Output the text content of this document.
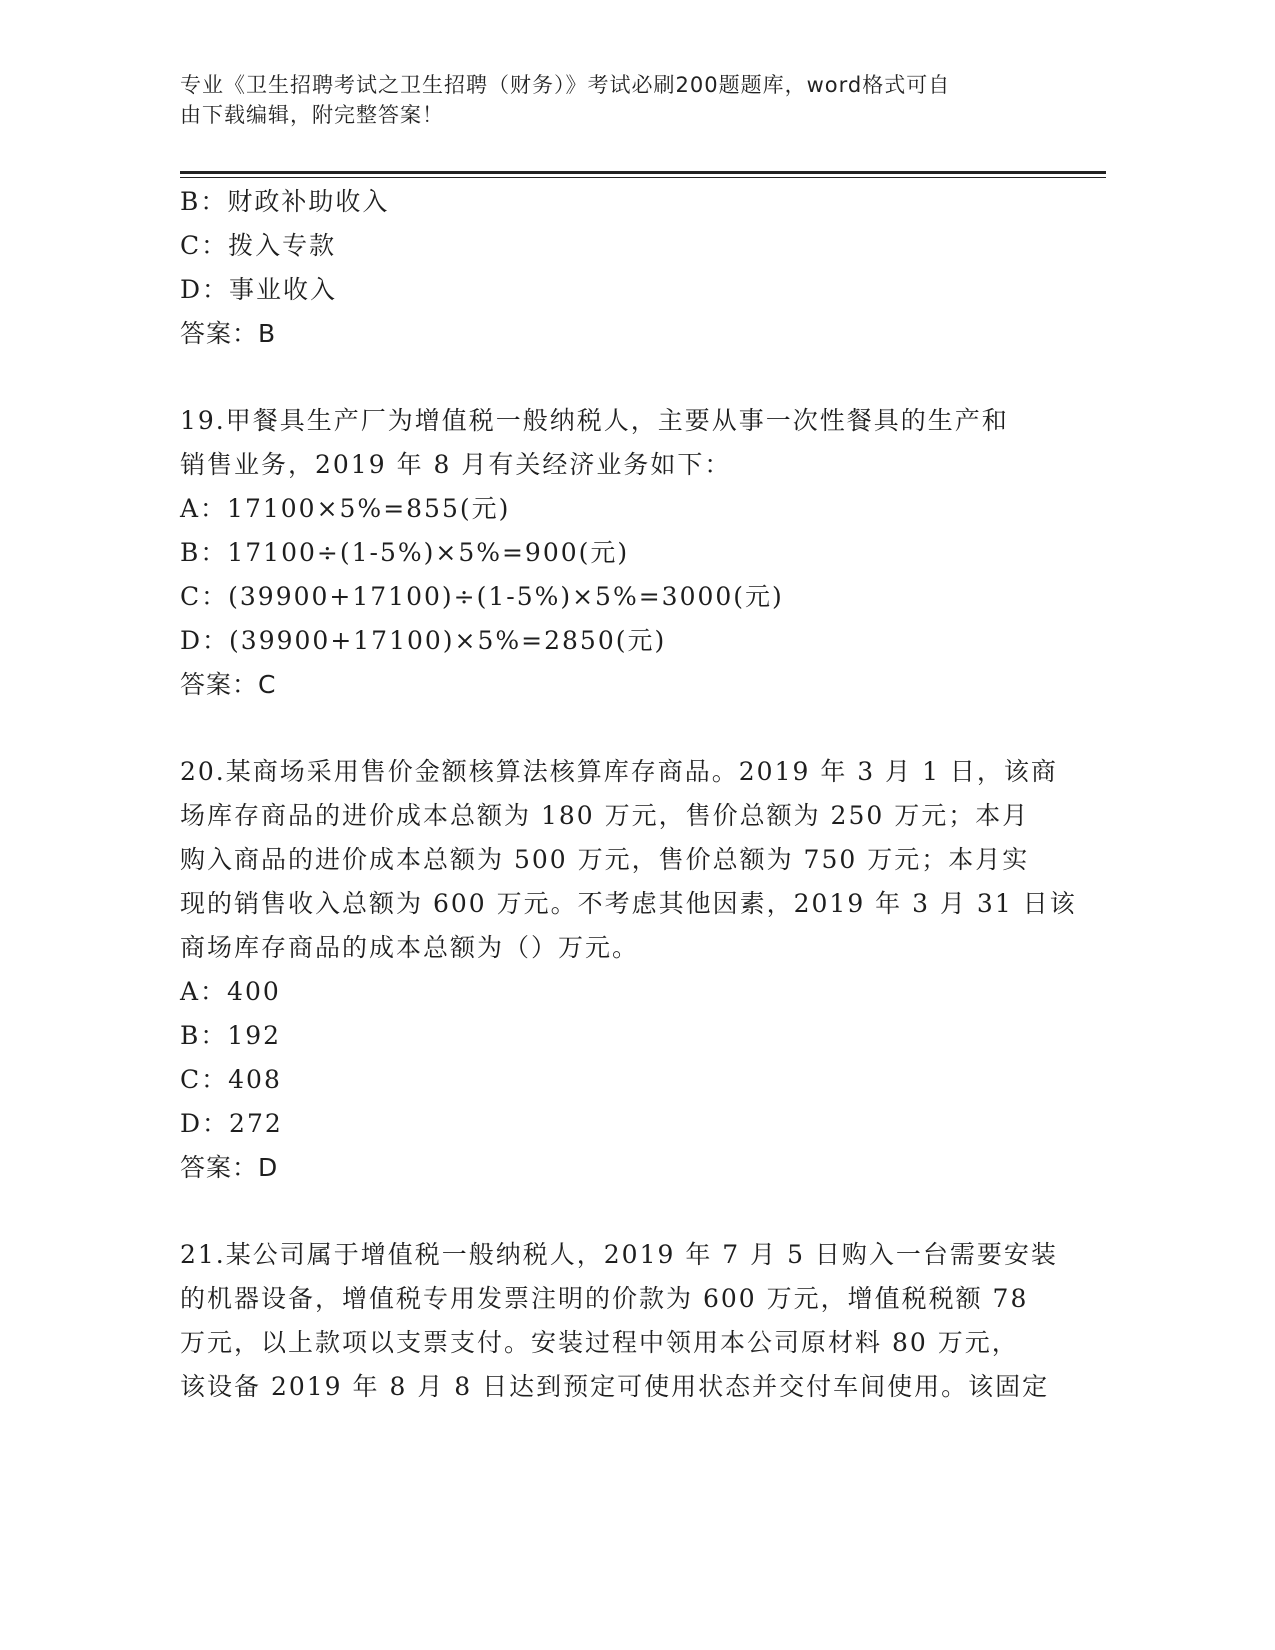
专业《卫生招聘考试之卫生招聘（财务）》考试必刷200题题库，word格式可自
由下载编辑，附完整答案！
B：财政补助收入
C：拨入专款
D：事业收入
答案：B
19.甲餐具生产厂为增值税一般纳税人，主要从事一次性餐具的生产和
销售业务，2019 年 8 月有关经济业务如下：
A：17100×5%=855(元)
B：17100÷(1-5%)×5%=900(元)
C：(39900+17100)÷(1-5%)×5%=3000(元)
D：(39900+17100)×5%=2850(元)
答案：C
20.某商场采用售价金额核算法核算库存商品。2019 年 3 月 1 日，该商
场库存商品的进价成本总额为 180 万元，售价总额为 250 万元；本月
购入商品的进价成本总额为 500 万元，售价总额为 750 万元；本月实
现的销售收入总额为 600 万元。不考虑其他因素，2019 年 3 月 31 日该
商场库存商品的成本总额为（）万元。
A：400
B：192
C：408
D：272
答案：D
21.某公司属于增值税一般纳税人，2019 年 7 月 5 日购入一台需要安装
的机器设备，增值税专用发票注明的价款为 600 万元，增值税税额 78
万元，以上款项以支票支付。安装过程中领用本公司原材料 80 万元，
该设备 2019 年 8 月 8 日达到预定可使用状态并交付车间使用。该固定
